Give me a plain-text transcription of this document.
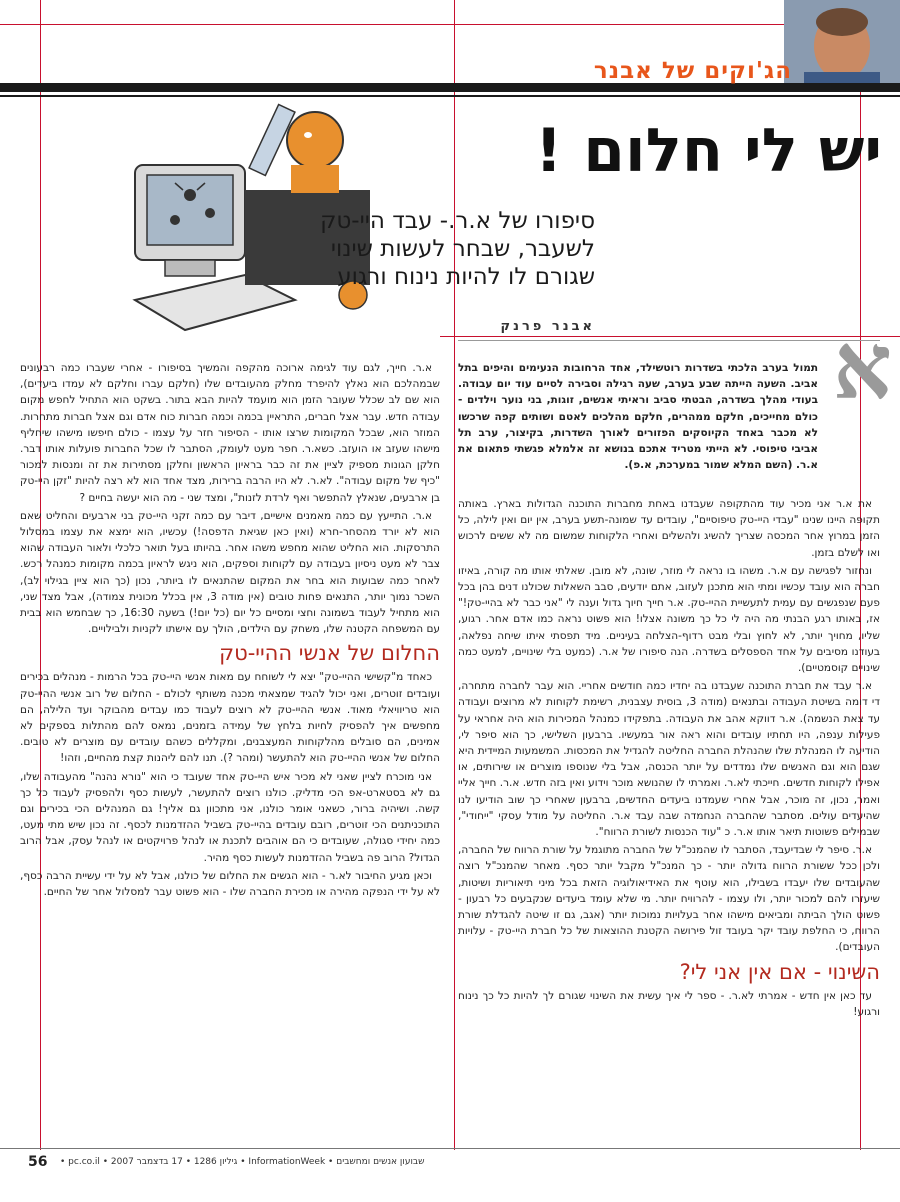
הג'וקים של אבנר
יש לי חלום !
סיפורו של א.ר.- עבד היי-טק לשעבר, שבחר לעשות שינוי שגורם לו להיות נינוח ורגוע
אבנר פרנק	א
תמול בערב הלכתי בשדרות רוטשילד, אחד הרחובות הנעימים והיפים בתל אביב. השעה הייתה שבע בערב, שעה רגילה וסבירה לסיים עוד יום עבודה. בעודי מהלך בשדרה, הבטתי סביב וראיתי אנשים, זוגות, בני נוער וילדים - כולם מחייכים, חלקם ממהרים, חלקם מהלכים לאטם ושותים קפה שרכשו לא מכבר באחד הקיוסקים הפזורים לאורך השדרות, בקיצור, ערב תל אביבי טיפוסי. לא הייתי מטריד אתכם בנושא זה אלמלא פגשתי פתאום את א.ר. (השם המלא שמור במערכת, א.פ).

את א.ר אני מכיר עוד מהתקופה שעבדנו באחת מחברות התוכנה הגדולות בארץ. באותה תקופה היינו שנינו "עבדי היי-טק טיפוסיים", עובדים עד שמונה-תשע בערב, אין יום ואין לילה, כל הזמן במרוץ אחר המכסה שצריך להשיג ולהשלים ואחרי הלקוחות שמשום מה לא ששים לרכוש ואו לשלם בזמן.

ונחזור לפגישה עם א.ר. משהו בו נראה לי מוזר, שונה, לא מובן. שאלתי אותו מה קורה, באיזו חברה הוא עובד עכשיו ומתי הוא מתכנן לעזוב, אתם יודעים, סבב השאלות שכולנו דנים בהן בכל פעם שנפגשים עם עמית לתעשיית ההיי-טק. א.ר חייך חיוך גדול וענה לי "אני כבר לא בהיי-טק!" אז, באותו רגע הבנתי מה היה לי כל כך משונה אצלו! הוא פשוט נראה כמו אדם אחר. רגוע, שליו, מחויך יותר, לא לחוץ ובלי מבט רדוף-הצלחה בעיניים. מיד תפסתי איתו שיחה נפלאה, בעודנו מסיבים על אחד הספסלים בשדרה. הנה סיפורו של א.ר. (כמעט בלי שינויים, למעט כמה שינויים קוסמטיים).

א.ר עבד את חברת התוכנה שעבדנו בה יחדיו כמה חודשים אחריי. הוא עבר לחברה מתחרה, די דומה בשיטת העבודה ובתנאים (מודה 3, בוסית עצבנית, רשימת לקוחות לא מרוצים ועבודה עד צאת הנשמה). א.ר דווקא אהב את העבודה. בתפקידו כמנהל המכירות הוא היה אחראי על פעילות ענפה, היו תחתיו עובדים והוא ראה אור במעשיו. ברבעון השלישי, כך הוא סיפר לי, הודיעה לו המנהלת שלו שהנהלת החברה החליטה להגדיל את המכסות. המשמעות המיידית היא שגם הוא וגם האנשים שלו נמדדים על יותר הכנסה, אבל בלי שנוספו מוצרים או שירותים, או אפילו לקוחות חדשים. חייכתי לא.ר. ואמרתי לו שהנושא מוכר וידוע ואין בזה חדש. א.ר. חייך אליי ואמר, נכון, זה מוכר, אבל אחרי שעמדנו ביעדים החדשים, ברבעון שאחרי כך שוב הודיעו לנו שהיעדים עולים. מסתבר שהחברה הנחמדה שבה עבד א.ר. החליטה על מודל עסקי "ייחודי", שבמילים פשוטות תיאר אותו א.ר. כ "עוד הכנסות לשורת הרווח".

א.ר. סיפר לי שבדיעבד, הסתבר לו שהמנכ"ל של החברה מתוגמל על שורת הרווח של החברה, ולכן ככל ששורת הרווח גדולה יותר - כך המנכ"ל מקבל יותר כסף. מאחר שהמנכ"ל רוצה שהעובדים שלו יעבדו בשבילו, הוא עוטף את האידיאולוגיה הזאת בכל מיני תיאוריות ושיטות, שיעזרו להם למכור יותר, ולו עצמו - להרוויח יותר. מי שלא עומד ביעדים שנקבעים כל רבעון - פשוט הולך הביתה ומביאים מישהו אחר בעלויות נמוכות יותר (אגב, גם זו שיטה להגדלת שורת הרווח, כי החלפת עובד יקר בעובד זול פירושה הקטנת ההוצאות של כל חברת היי-טק - עלויות העובדים).

השינוי - אם אין אני לי?

עד כאן אין חדש - אמרתי לא.ר. - ספר לי איך עשית את השינוי שגורם לך להיות כל כך נינוח ורגוע!

א.ר. חייך, לגם עוד לגימה ארוכה מהקפה והמשיך בסיפורו - אחרי שעברו כמה רבעונים שבמהלכם הוא נאלץ להיפרד מחלק מהעובדים שלו (חלקם עברו וחלקם לא עמדו ביעדים), הוא שם לב שכלל שעובר הזמן הוא מועמד להיות הבא בתור. בשקט הוא התחיל לחפש מקום עבודה חדש. עבר אצל חברים, התראיין בכמה וכמה חברות כוח אדם וגם אצל חברות מתחרות. המוזר הוא, שבכל המקומות שרצו אותו - הסיפור חזר על עצמו - כולם חיפשו מישהו שיחליף מישהו שעזב או הועזב. כשא.ר. חפר מעט לעומק, הסתבר לו שכל החברות פועלות אותו דבר. חלקן הגונות מספיק לציין את זה כבר בראיון הראשון וחלקן מסתירות את זה ומנסות למכור "כיף של מקום עבודה". לא.ר. לא היו הרבה ברירות, מצד אחד הוא לא רצה להיות "זקן היי-טק בן ארבעים, שנאלץ להתפשר ואף לרדת לזנות", ומצד שני - מה הוא יעשה בחיים ?

א.ר. התייעץ עם כמה מאמנים אישיים, דיבר עם כמה זקני היי-טק בני ארבעים והחליט שאם הוא לא יורד מהסחר-חרא (ואין כאן שגיאת הדפסה!) עכשיו, הוא ימצא את עצמו במסלול התרסקות. הוא החליט שהוא מחפש משהו אחר. בהיותו בעל תואר כלכלי ולאור העבודה שהוא צבר לא מעט ניסיון בעבודה עם לקוחות וספקים, הוא ניגש לראיון בכמה מקומות כמנהל רכש. לאחר כמה שבועות הוא בחר את המקום שהתנאים לו ביותר, נכון (כך הוא ציין בגילוי לב), השכר נמוך יותר, התנאים פחות טובים (אין מודה 3, אין בכלל מכונית צמודה), אבל מצד שני, הוא מתחיל לעבוד בשמונה וחצי ומסיים כל יום (כל יום!) בשעה 16:30, כך שבחמש הוא בבית עם המשפחה הקטנה שלו, משחק עם הילדים, הולך עם אישתו לקניות ולבילויים.

החלום של אנשי ההיי-טק

כאחד מ"קשישי ההיי-טק" יצא לי לשוחח עם מאות אנשי היי-טק בכל הרמות - מנהלים בכירים ועובדים זוטרים, ואני יכול להגיד שמצאתי מכנה משותף לכולם - החלום של רוב אנשי ההיי-טק הוא טריוויאלי מאוד. אנשי ההיי-טק לא רוצים לעבוד כמו עבדים מהבוקר ועד הלילה, הם מחפשים איך להפסיק לחיות בלחץ של עמידה בזמנים, נמאס להם מהתלות בספקים לא אמינים, הם סובלים מהלקוחות המעצבנים, ומקללים כשהם עובדים עם מוצרים לא טובים. החלום של אנשי ההיי-טק הוא להתעשר (ומהר ?). תנו להם ליהנות קצת מהחיים, וזהו!

אני מוכרח לציין שאני לא מכיר איש היי-טק אחד שעובד כי הוא "נורא נהנה" מהעבודה שלו, גם לא בסטארט-אפ הכי מדליק. כולנו רוצים להתעשר, לעשות כסף ולהפסיק לעבוד כל כך קשה. ושיהיה ברור, כשאני אומר כולנו, אני מתכוון גם אליך! גם המנהלים הכי בכירים וגם התוכניתנים הכי זוטרים, רובם עובדים בהיי-טק בשביל ההזדמנות לכסף. זה נכון שיש מתי מעט, כמה יחידי סגולה, שעובדים כי הם אוהבים לתכנת או לנהל פרויקטים או לנהל עסק, אבל הרוב הגדול? הרוב פה בשביל ההזדמנות לעשות כסף מהיר.

וכאן מגיע החיבור לא.ר - הוא הגשים את החלום של כולנו, אבל לא על ידי עשיית הרבה כסף, לא על ידי הנפקה מהירה או מכירת החברה שלו - הוא פשוט עבר למסלול אחר של החיים.

56 שבועון אנשים ומחשבים • InformationWeek • גיליון 1286 • 17 בדצמבר 2007 • pc.co.il •
